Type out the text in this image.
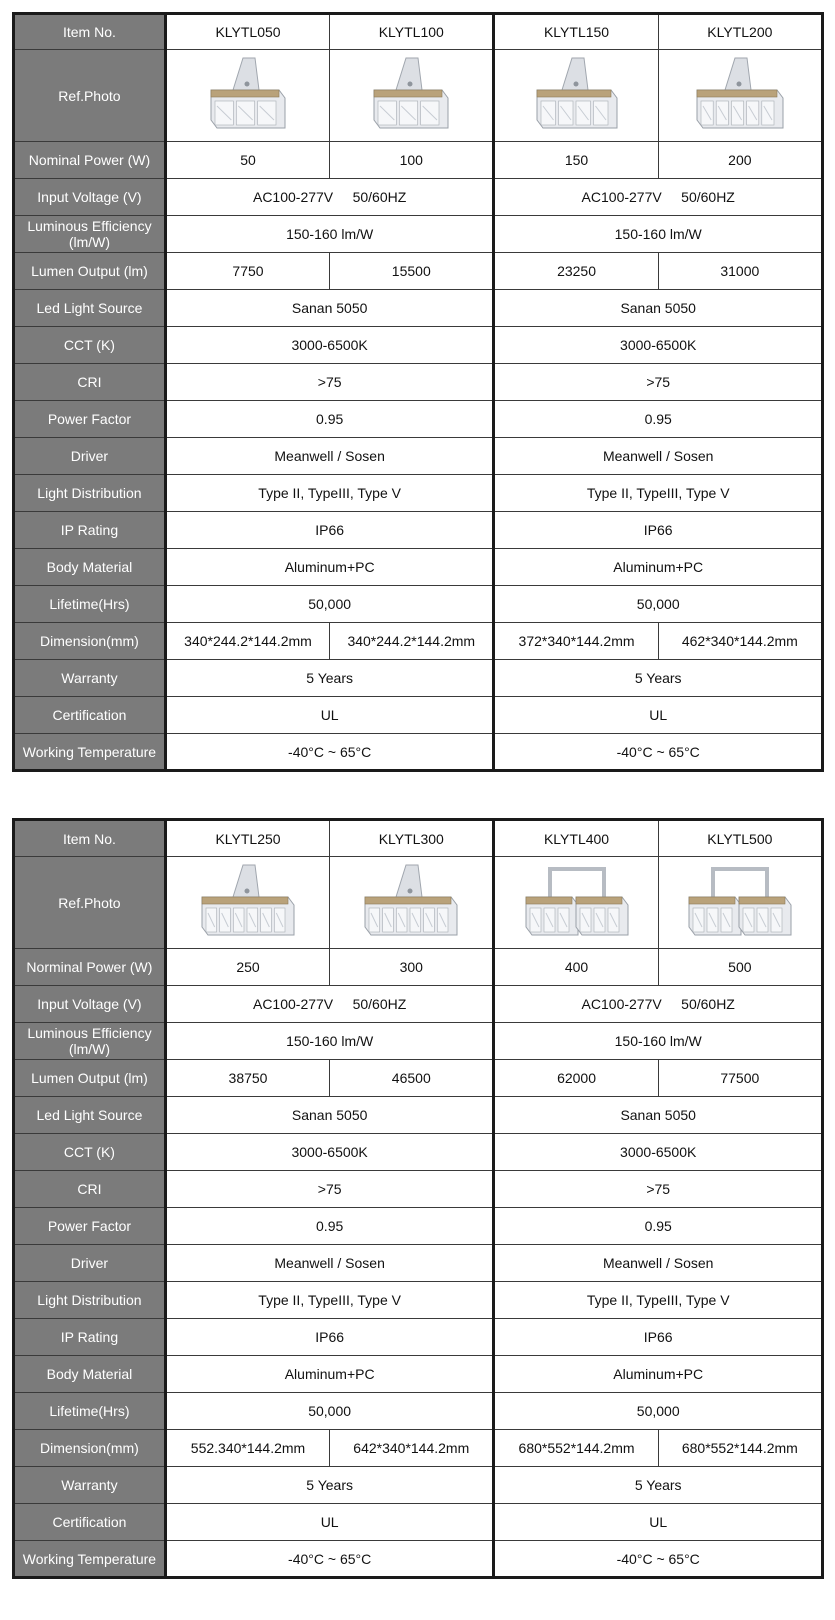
Item No.	KLYTL050	KLYTL100	KLYTL150	KLYTL200
Ref.Photo	

Nominal Power (W)	50	100	150	200
Input Voltage (V)	AC100-277V     50/60HZ		AC100-277V     50/60HZ	
Luminous Efficiency
(lm/W)	150-160 lm/W		150-160 lm/W	
Lumen Output (lm)	7750	15500	23250	31000
Led Light Source	Sanan 5050		Sanan 5050	
CCT (K)	3000-6500K		3000-6500K	
CRI	>75		>75	
Power Factor	0.95		0.95	
Driver	Meanwell / Sosen		Meanwell / Sosen	
Light Distribution	Type II, TypeIII, Type V		Type II, TypeIII, Type V	
IP Rating	IP66		IP66	
Body Material	Aluminum+PC		Aluminum+PC	
Lifetime(Hrs)	50,000		50,000	
Dimension(mm)	340*244.2*144.2mm	340*244.2*144.2mm	372*340*144.2mm	462*340*144.2mm
Warranty	5 Years		5 Years	
Certification	UL		UL	
Working Temperature	-40°C ~ 65°C		-40°C ~ 65°C	
Item No.	KLYTL250	KLYTL300	KLYTL400	KLYTL500
Ref.Photo	

Norminal Power (W)	250	300	400	500
Input Voltage (V)	AC100-277V     50/60HZ		AC100-277V     50/60HZ	
Luminous Efficiency
(lm/W)	150-160 lm/W		150-160 lm/W	
Lumen Output (lm)	38750	46500	62000	77500
Led Light Source	Sanan 5050		Sanan 5050	
CCT (K)	3000-6500K		3000-6500K	
CRI	>75		>75	
Power Factor	0.95		0.95	
Driver	Meanwell / Sosen		Meanwell / Sosen	
Light Distribution	Type II, TypeIII, Type V		Type II, TypeIII, Type V	
IP Rating	IP66		IP66	
Body Material	Aluminum+PC		Aluminum+PC	
Lifetime(Hrs)	50,000		50,000	
Dimension(mm)	552.340*144.2mm	642*340*144.2mm	680*552*144.2mm	680*552*144.2mm
Warranty	5 Years		5 Years	
Certification	UL		UL	
Working Temperature	-40°C ~ 65°C		-40°C ~ 65°C	
